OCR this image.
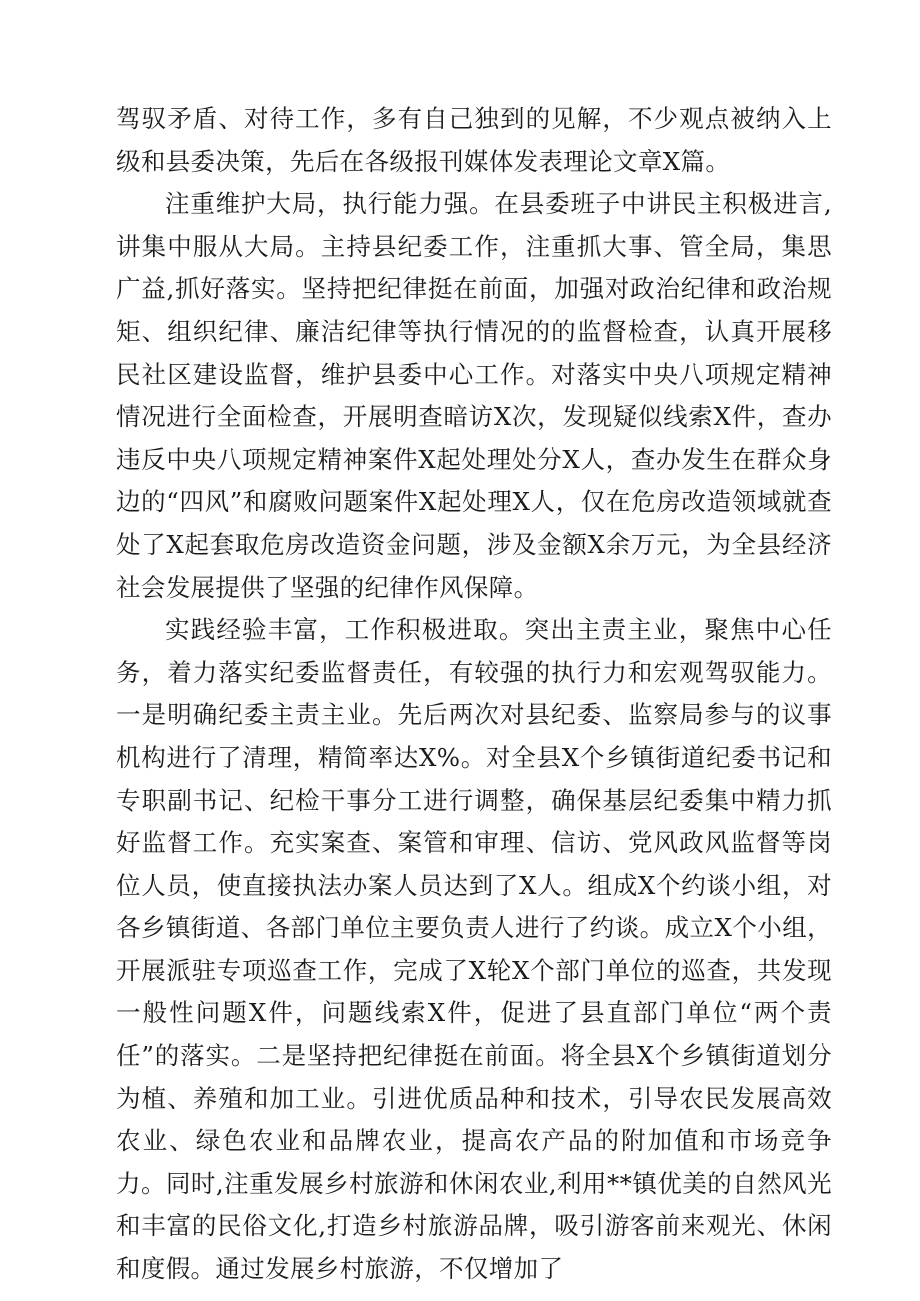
驾驭矛盾、对待工作，多有自己独到的见解，不少观点被纳入上级和县委决策，先后在各级报刊媒体发表理论文章X篇。

注重维护大局，执行能力强。在县委班子中讲民主积极进言,讲集中服从大局。主持县纪委工作，注重抓大事、管全局，集思广益,抓好落实。坚持把纪律挺在前面，加强对政治纪律和政治规矩、组织纪律、廉洁纪律等执行情况的的监督检查，认真开展移民社区建设监督，维护县委中心工作。对落实中央八项规定精神情况进行全面检查，开展明查暗访X次，发现疑似线索X件，查办违反中央八项规定精神案件X起处理处分X人，查办发生在群众身边的“四风”和腐败问题案件X起处理X人，仅在危房改造领域就查处了X起套取危房改造资金问题，涉及金额X余万元，为全县经济社会发展提供了坚强的纪律作风保障。

实践经验丰富，工作积极进取。突出主责主业，聚焦中心任务，着力落实纪委监督责任，有较强的执行力和宏观驾驭能力。一是明确纪委主责主业。先后两次对县纪委、监察局参与的议事机构进行了清理，精简率达X%。对全县X个乡镇街道纪委书记和专职副书记、纪检干事分工进行调整，确保基层纪委集中精力抓好监督工作。充实案查、案管和审理、信访、党风政风监督等岗位人员，使直接执法办案人员达到了X人。组成X个约谈小组，对各乡镇街道、各部门单位主要负责人进行了约谈。成立X个小组，开展派驻专项巡查工作，完成了X轮X个部门单位的巡查，共发现一般性问题X件，问题线索X件，促进了县直部门单位“两个责任”的落实。二是坚持把纪律挺在前面。将全县X个乡镇街道划分为植、养殖和加工业。引进优质品种和技术，引导农民发展高效农业、绿色农业和品牌农业，提高农产品的附加值和市场竞争力。同时,注重发展乡村旅游和休闲农业,利用**镇优美的自然风光和丰富的民俗文化,打造乡村旅游品牌，吸引游客前来观光、休闲和度假。通过发展乡村旅游，不仅增加了
